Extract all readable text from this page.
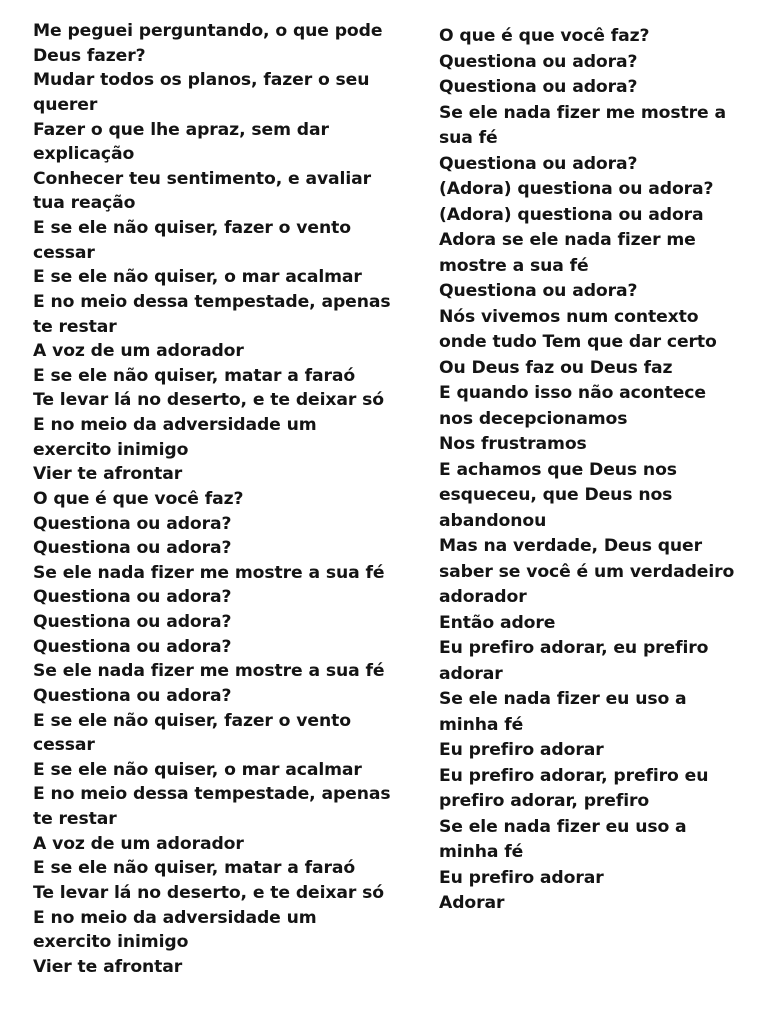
Me peguei perguntando, o que pode
Deus fazer?
Mudar todos os planos, fazer o seu
querer
Fazer o que lhe apraz, sem dar
explicação
Conhecer teu sentimento, e avaliar
tua reação
E se ele não quiser, fazer o vento
cessar
E se ele não quiser, o mar acalmar
E no meio dessa tempestade, apenas
te restar
A voz de um adorador
E se ele não quiser, matar a faraó
Te levar lá no deserto, e te deixar só
E no meio da adversidade um
exercito inimigo
Vier te afrontar
O que é que você faz?
Questiona ou adora?
Questiona ou adora?
Se ele nada fizer me mostre a sua fé
Questiona ou adora?
Questiona ou adora?
Questiona ou adora?
Se ele nada fizer me mostre a sua fé
Questiona ou adora?
E se ele não quiser, fazer o vento
cessar
E se ele não quiser, o mar acalmar
E no meio dessa tempestade, apenas
te restar
A voz de um adorador
E se ele não quiser, matar a faraó
Te levar lá no deserto, e te deixar só
E no meio da adversidade um
exercito inimigo
Vier te afrontar
O que é que você faz?
Questiona ou adora?
Questiona ou adora?
Se ele nada fizer me mostre a
sua fé
Questiona ou adora?
(Adora) questiona ou adora?
(Adora) questiona ou adora
Adora se ele nada fizer me
mostre a sua fé
Questiona ou adora?
Nós vivemos num contexto
onde tudo Tem que dar certo
Ou Deus faz ou Deus faz
E quando isso não acontece
nos decepcionamos
Nos frustramos
E achamos que Deus nos
esqueceu, que Deus nos
abandonou
Mas na verdade, Deus quer
saber se você é um verdadeiro
adorador
Então adore
Eu prefiro adorar, eu prefiro
adorar
Se ele nada fizer eu uso a
minha fé
Eu prefiro adorar
Eu prefiro adorar, prefiro eu
prefiro adorar, prefiro
Se ele nada fizer eu uso a
minha fé
Eu prefiro adorar
Adorar
